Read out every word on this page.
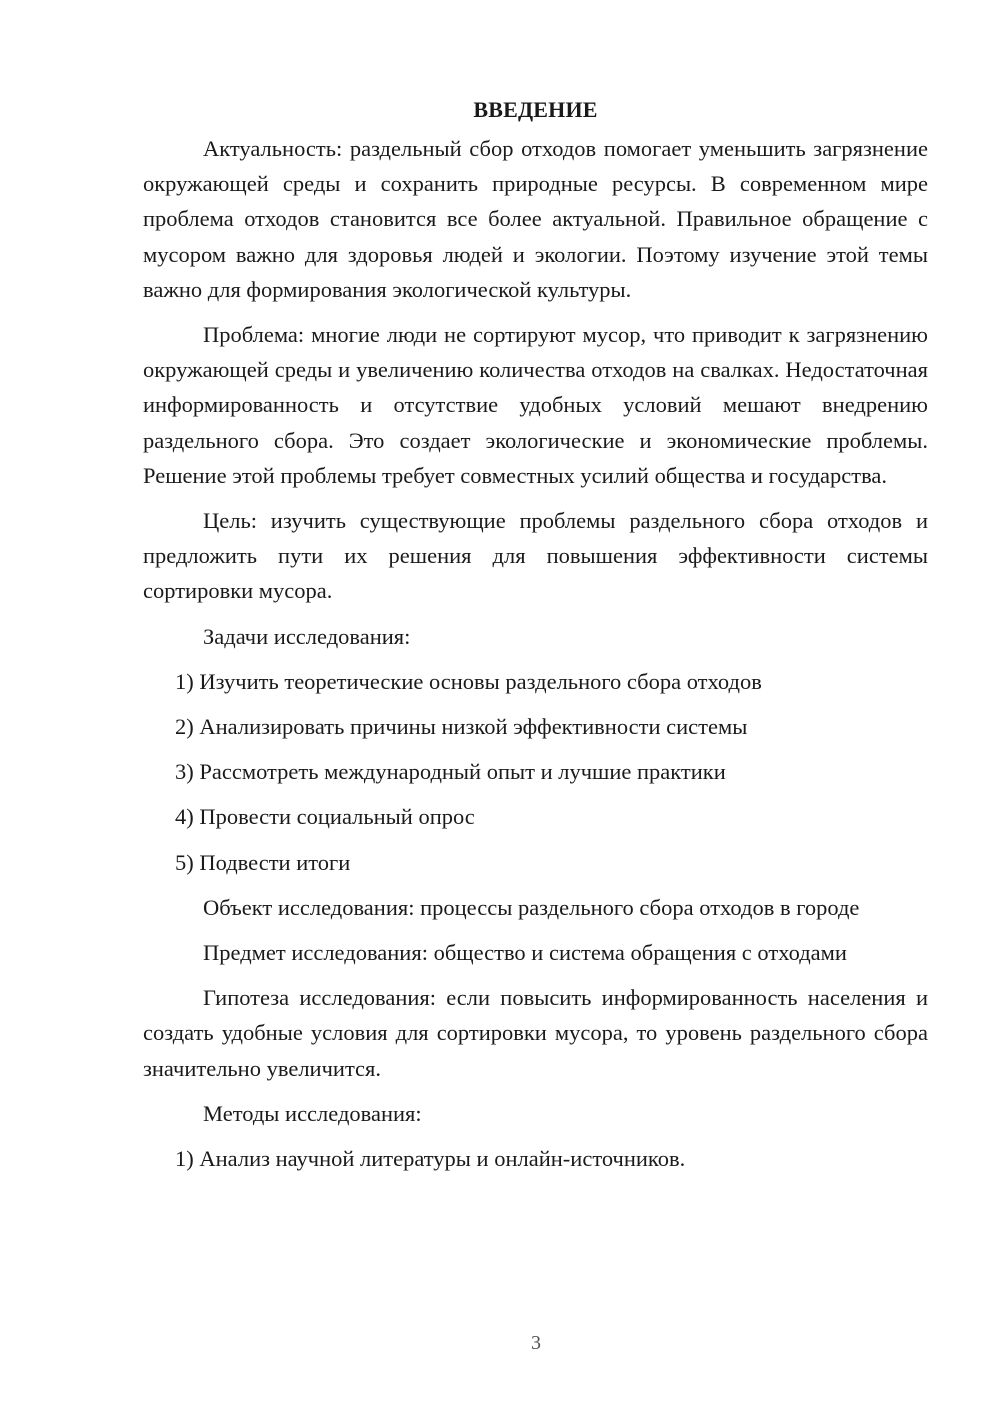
ВВЕДЕНИЕ

Актуальность: раздельный сбор отходов помогает уменьшить загрязнение окружающей среды и сохранить природные ресурсы. В современном мире проблема отходов становится все более актуальной. Правильное обращение с мусором важно для здоровья людей и экологии. Поэтому изучение этой темы важно для формирования экологической культуры.

Проблема: многие люди не сортируют мусор, что приводит к загрязнению окружающей среды и увеличению количества отходов на свалках. Недостаточная информированность и отсутствие удобных условий мешают внедрению раздельного сбора. Это создает экологические и экономические проблемы. Решение этой проблемы требует совместных усилий общества и государства.

Цель: изучить существующие проблемы раздельного сбора отходов и предложить пути их решения для повышения эффективности системы сортировки мусора.

Задачи исследования:

1) Изучить теоретические основы раздельного сбора отходов

2) Анализировать причины низкой эффективности системы

3) Рассмотреть международный опыт и лучшие практики

4) Провести социальный опрос

5) Подвести итоги

Объект исследования: процессы раздельного сбора отходов в городе

Предмет исследования: общество и система обращения с отходами

Гипотеза исследования: если повысить информированность населения и создать удобные условия для сортировки мусора, то уровень раздельного сбора значительно увеличится.

Методы исследования:

1) Анализ научной литературы и онлайн-источников.

3
